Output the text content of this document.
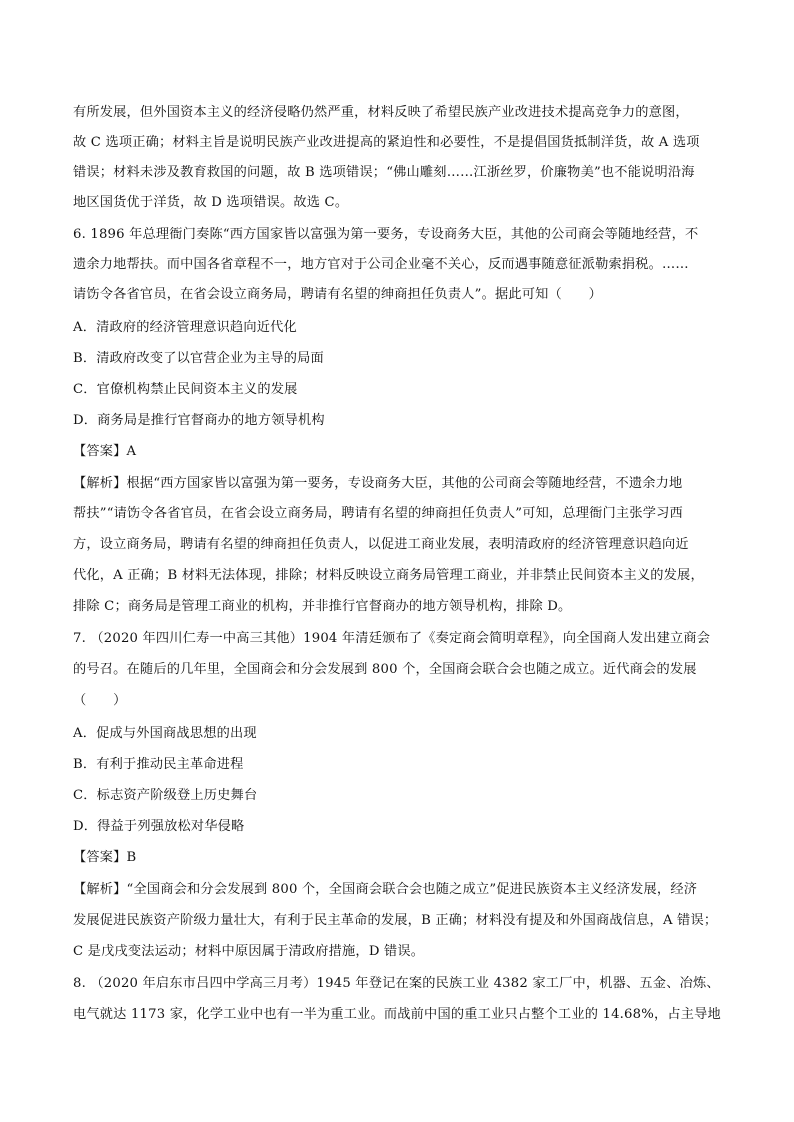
有所发展，但外国资本主义的经济侵略仍然严重，材料反映了希望民族产业改进技术提高竞争力的意图，
故 C 选项正确；材料主旨是说明民族产业改进提高的紧迫性和必要性，不是提倡国货抵制洋货，故 A 选项
错误；材料未涉及教育救国的问题，故 B 选项错误；“佛山雕刻……江浙丝罗，价廉物美”也不能说明沿海
地区国货优于洋货，故 D 选项错误。故选 C。
6. 1896 年总理衙门奏陈“西方国家皆以富强为第一要务，专设商务大臣，其他的公司商会等随地经营，不
遗余力地帮扶。而中国各省章程不一，地方官对于公司企业毫不关心，反而遇事随意征派勒索捐税。……
请饬令各省官员，在省会设立商务局，聘请有名望的绅商担任负责人”。据此可知（　　）
A．清政府的经济管理意识趋向近代化
B．清政府改变了以官营企业为主导的局面
C．官僚机构禁止民间资本主义的发展
D．商务局是推行官督商办的地方领导机构
【答案】A
【解析】根据“西方国家皆以富强为第一要务，专设商务大臣，其他的公司商会等随地经营，不遗余力地
帮扶”“请饬令各省官员，在省会设立商务局，聘请有名望的绅商担任负责人”可知，总理衙门主张学习西
方，设立商务局，聘请有名望的绅商担任负责人，以促进工商业发展，表明清政府的经济管理意识趋向近
代化，A 正确；B 材料无法体现，排除；材料反映设立商务局管理工商业，并非禁止民间资本主义的发展，
排除 C；商务局是管理工商业的机构，并非推行官督商办的地方领导机构，排除 D。
7. （2020 年四川仁寿一中高三其他）1904 年清廷颁布了《奏定商会简明章程》，向全国商人发出建立商会
的号召。在随后的几年里，全国商会和分会发展到 800 个，全国商会联合会也随之成立。近代商会的发展
（　　）
A．促成与外国商战思想的出现
B．有利于推动民主革命进程
C．标志资产阶级登上历史舞台
D．得益于列强放松对华侵略
【答案】B
【解析】“全国商会和分会发展到 800 个，全国商会联合会也随之成立”促进民族资本主义经济发展，经济
发展促进民族资产阶级力量壮大，有利于民主革命的发展，B 正确；材料没有提及和外国商战信息，A 错误；
C 是戊戌变法运动；材料中原因属于清政府措施，D 错误。
8. （2020 年启东市吕四中学高三月考）1945 年登记在案的民族工业 4382 家工厂中，机器、五金、冶炼、
电气就达 1173 家，化学工业中也有一半为重工业。而战前中国的重工业只占整个工业的 14.68%，占主导地
